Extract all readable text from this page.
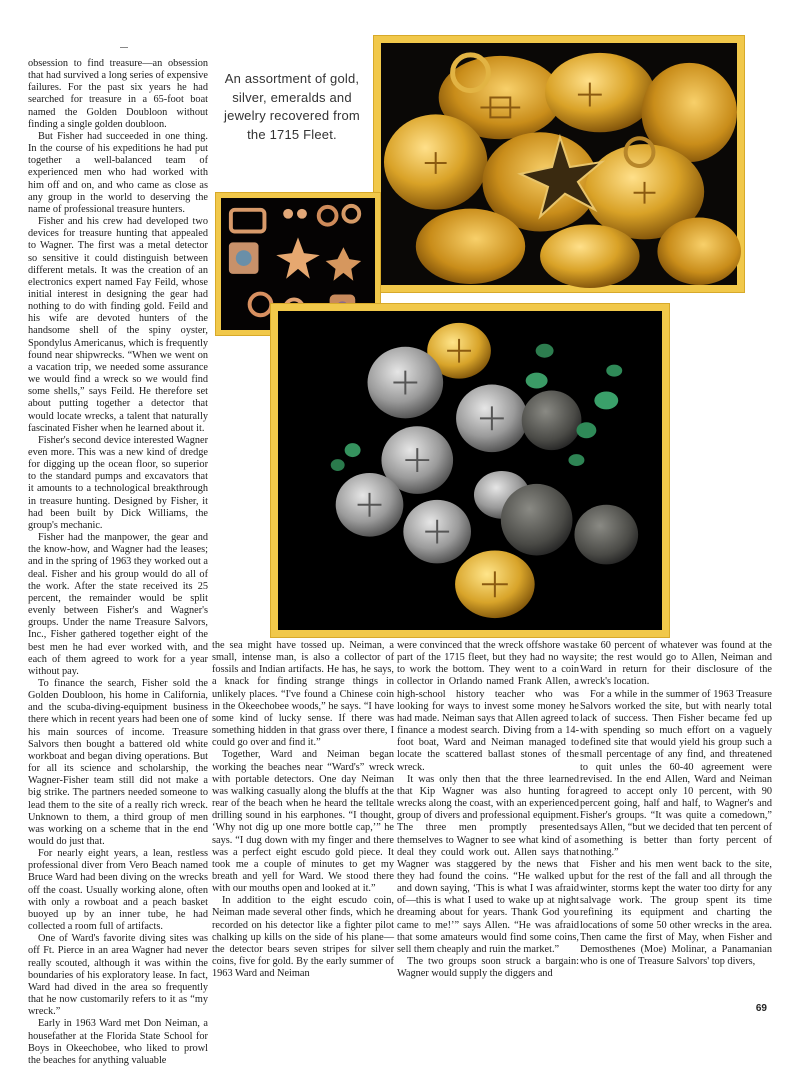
obsession to find treasure—an obsession that had survived a long series of expensive failures. For the past six years he had searched for treasure in a 65-foot boat named the Golden Doubloon without finding a single golden doubloon.

But Fisher had succeeded in one thing. In the course of his expeditions he had put together a well-balanced team of experienced men who had worked with him off and on, and who came as close as any group in the world to deserving the name of professional treasure hunters.

Fisher and his crew had developed two devices for treasure hunting that appealed to Wagner. The first was a metal detector so sensitive it could distinguish between different metals. It was the creation of an electronics expert named Fay Feild, whose initial interest in designing the gear had nothing to do with finding gold. Feild and his wife are devoted hunters of the handsome shell of the spiny oyster, Spondylus Americanus, which is frequently found near shipwrecks. “When we went on a vacation trip, we needed some assurance we would find a wreck so we would find some shells,” says Feild. He therefore set about putting together a detector that would locate wrecks, a talent that naturally fascinated Fisher when he learned about it.

Fisher's second device interested Wagner even more. This was a new kind of dredge for digging up the ocean floor, so superior to the standard pumps and excavators that it amounts to a technological breakthrough in treasure hunting. Designed by Fisher, it had been built by Dick Williams, the group's mechanic.

Fisher had the manpower, the gear and the know-how, and Wagner had the leases; and in the spring of 1963 they worked out a deal. Fisher and his group would do all of the work. After the state received its 25 percent, the remainder would be split evenly between Fisher's and Wagner's groups. Under the name Treasure Salvors, Inc., Fisher gathered together eight of the best men he had ever worked with, and each of them agreed to work for a year without pay.

To finance the search, Fisher sold the Golden Doubloon, his home in California, and the scuba-diving-equipment business there which in recent years had been one of his main sources of income. Treasure Salvors then bought a battered old white workboat and began diving operations. But for all its science and scholarship, the Wagner-Fisher team still did not make a big strike. The partners needed someone to lead them to the site of a really rich wreck. Unknown to them, a third group of men was working on a scheme that in the end would do just that.

For nearly eight years, a lean, restless professional diver from Vero Beach named Bruce Ward had been diving on the wrecks off the coast. Usually working alone, often with only a rowboat and a peach basket buoyed up by an inner tube, he had collected a room full of artifacts.

One of Ward's favorite diving sites was off Ft. Pierce in an area Wagner had never really scouted, although it was within the boundaries of his exploratory lease. In fact, Ward had dived in the area so frequently that he now customarily refers to it as “my wreck.”

Early in 1963 Ward met Don Neiman, a housefather at the Florida State School for Boys in Okeechobee, who liked to prowl the beaches for anything valuable

An assortment of gold, silver, emeralds and jewelry recovered from the 1715 Fleet.

the sea might have tossed up. Neiman, a small, intense man, is also a collector of fossils and Indian artifacts. He has, he says, a knack for finding strange things in unlikely places. “I've found a Chinese coin in the Okeechobee woods,” he says. “I have some kind of lucky sense. If there was something hidden in that grass over there, I could go over and find it.”

Together, Ward and Neiman began working the beaches near “Ward's” wreck with portable detectors. One day Neiman was walking casually along the bluffs at the rear of the beach when he heard the telltale drilling sound in his earphones. “I thought, ‘Why not dig up one more bottle cap,’” he says. “I dug down with my finger and there was a perfect eight escudo gold piece. It took me a couple of minutes to get my breath and yell for Ward. We stood there with our mouths open and looked at it.”

In addition to the eight escudo coin, Neiman made several other finds, which he recorded on his detector like a fighter pilot chalking up kills on the side of his plane—the detector bears seven stripes for silver coins, five for gold. By the early summer of 1963 Ward and Neiman

were convinced that the wreck offshore was part of the 1715 fleet, but they had no way to work the bottom. They went to a coin collector in Orlando named Frank Allen, a high-school history teacher who was looking for ways to invest some money he had made. Neiman says that Allen agreed to finance a modest search. Diving from a 14-foot boat, Ward and Neiman managed to locate the scattered ballast stones of the wreck.

It was only then that the three learned that Kip Wagner was also hunting for wrecks along the coast, with an experienced group of divers and professional equipment. The three men promptly presented themselves to Wagner to see what kind of a deal they could work out. Allen says that Wagner was staggered by the news that they had found the coins. “He walked up and down saying, ‘This is what I was afraid of—this is what I used to wake up at night dreaming about for years. Thank God you came to me!’” says Allen. “He was afraid that some amateurs would find some coins, sell them cheaply and ruin the market.”

The two groups soon struck a bargain: Wagner would supply the diggers and

take 60 percent of whatever was found at the site; the rest would go to Allen, Neiman and Ward in return for their disclosure of the wreck's location.

For a while in the summer of 1963 Treasure Salvors worked the site, but with nearly total lack of success. Then Fisher became fed up with spending so much effort on a vaguely defined site that would yield his group such a small percentage of any find, and threatened to quit unles the 60-40 agreement were revised. In the end Allen, Ward and Neiman agreed to accept only 10 percent, with 90 percent going, half and half, to Wagner's and Fisher's groups. “It was quite a comedown,” says Allen, “but we decided that ten percent of something is better than forty percent of nothing.”

Fisher and his men went back to the site, but for the rest of the fall and all through the winter, storms kept the water too dirty for any salvage work. The group spent its time refining its equipment and charting the locations of some 50 other wrecks in the area. Then came the first of May, when Fisher and Demosthenes (Moe) Molinar, a Panamanian who is one of Treasure Salvors' top divers,

69
